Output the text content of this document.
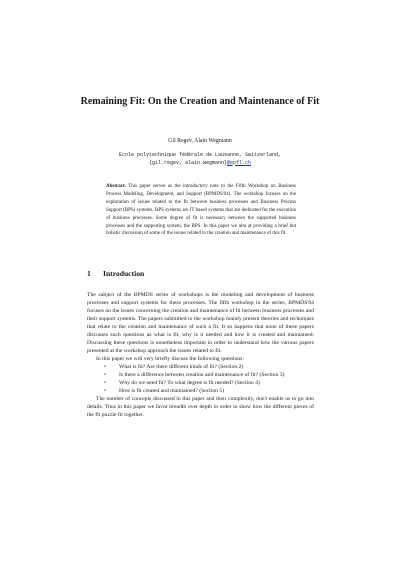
Remaining Fit: On the Creation and Maintenance of Fit
Gil Regev, Alain Wegmann
Ecole polytechnique fédérale de Lausanne, Switzerland,
{gil.regev, alain.wegmann}@epfl.ch
Abstract. This paper serves as the introductory note to the Fifth Workshop on Business Process Modeling, Development, and Support (BPMDS'04). The workshop focuses on the exploration of issues related to the fit between business processes and Business Process Support (BPS) systems. BPS systems are IT based systems that are dedicated for the execution of business processes. Some degree of fit is necessary between the supported business processes and the supporting system, the BPS. In this paper we aim at providing a brief but holistic discussion of some of the issues related to the creation and maintenance of this fit.
1 Introduction

The subject of the BPMDS series of workshops is the modeling and development of business processes and support systems for these processes. The fifth workshop in the series, BPMDS'04 focuses on the issues concerning the creation and maintenance of fit between business processes and their support systems. The papers submitted to the workshop mainly present theories and techniques that relate to the creation and maintenance of such a fit. It so happens that none of these papers discusses such questions as what is fit, why is it needed and how it is created and maintained. Discussing these questions is nonetheless important in order to understand how the various papers presented at the workshop approach the issues related to fit.

In this paper we will very briefly discuss the following questions:

• What is fit? Are there different kinds of fit? (Section 2)
• Is there a difference between creation and maintenance of fit? (Section 3)
• Why do we need fit? To what degree is fit needed? (Section 4)
• How is fit created and maintained? (Section 5)

The number of concepts discussed in this paper and their complexity, don't enable us to go into details. Thus in this paper we favor breadth over depth in order to show how the different pieces of the fit puzzle fit together.
